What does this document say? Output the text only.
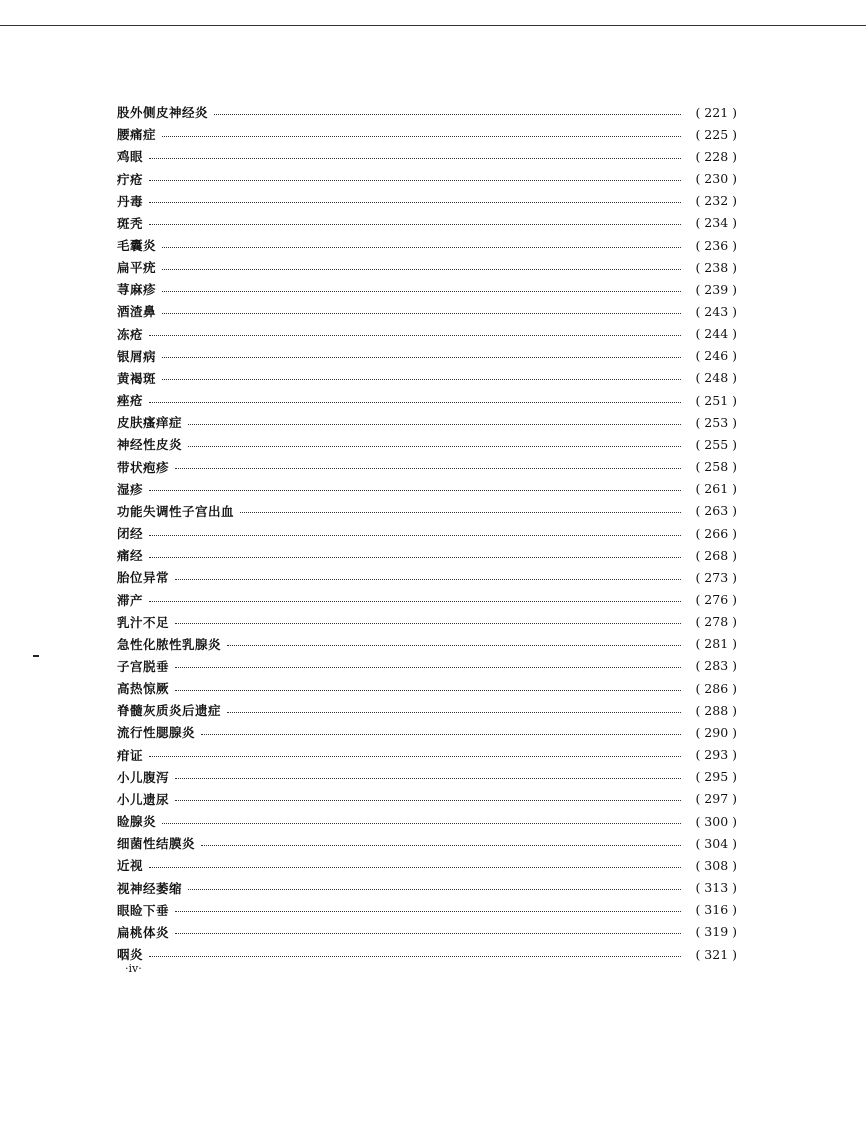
股外侧皮神经炎	( 221 )
腰痛症	( 225 )
鸡眼	( 228 )
疔疮	( 230 )
丹毒	( 232 )
斑秃	( 234 )
毛囊炎	( 236 )
扁平疣	( 238 )
荨麻疹	( 239 )
酒渣鼻	( 243 )
冻疮	( 244 )
银屑病	( 246 )
黄褐斑	( 248 )
痤疮	( 251 )
皮肤瘙痒症	( 253 )
神经性皮炎	( 255 )
带状疱疹	( 258 )
湿疹	( 261 )
功能失调性子宫出血	( 263 )
闭经	( 266 )
痛经	( 268 )
胎位异常	( 273 )
滞产	( 276 )
乳汁不足	( 278 )
急性化脓性乳腺炎	( 281 )
子宫脱垂	( 283 )
高热惊厥	( 286 )
脊髓灰质炎后遗症	( 288 )
流行性腮腺炎	( 290 )
疳证	( 293 )
小儿腹泻	( 295 )
小儿遗尿	( 297 )
睑腺炎	( 300 )
细菌性结膜炎	( 304 )
近视	( 308 )
视神经萎缩	( 313 )
眼睑下垂	( 316 )
扁桃体炎	( 319 )
咽炎	( 321 )
·iv·
